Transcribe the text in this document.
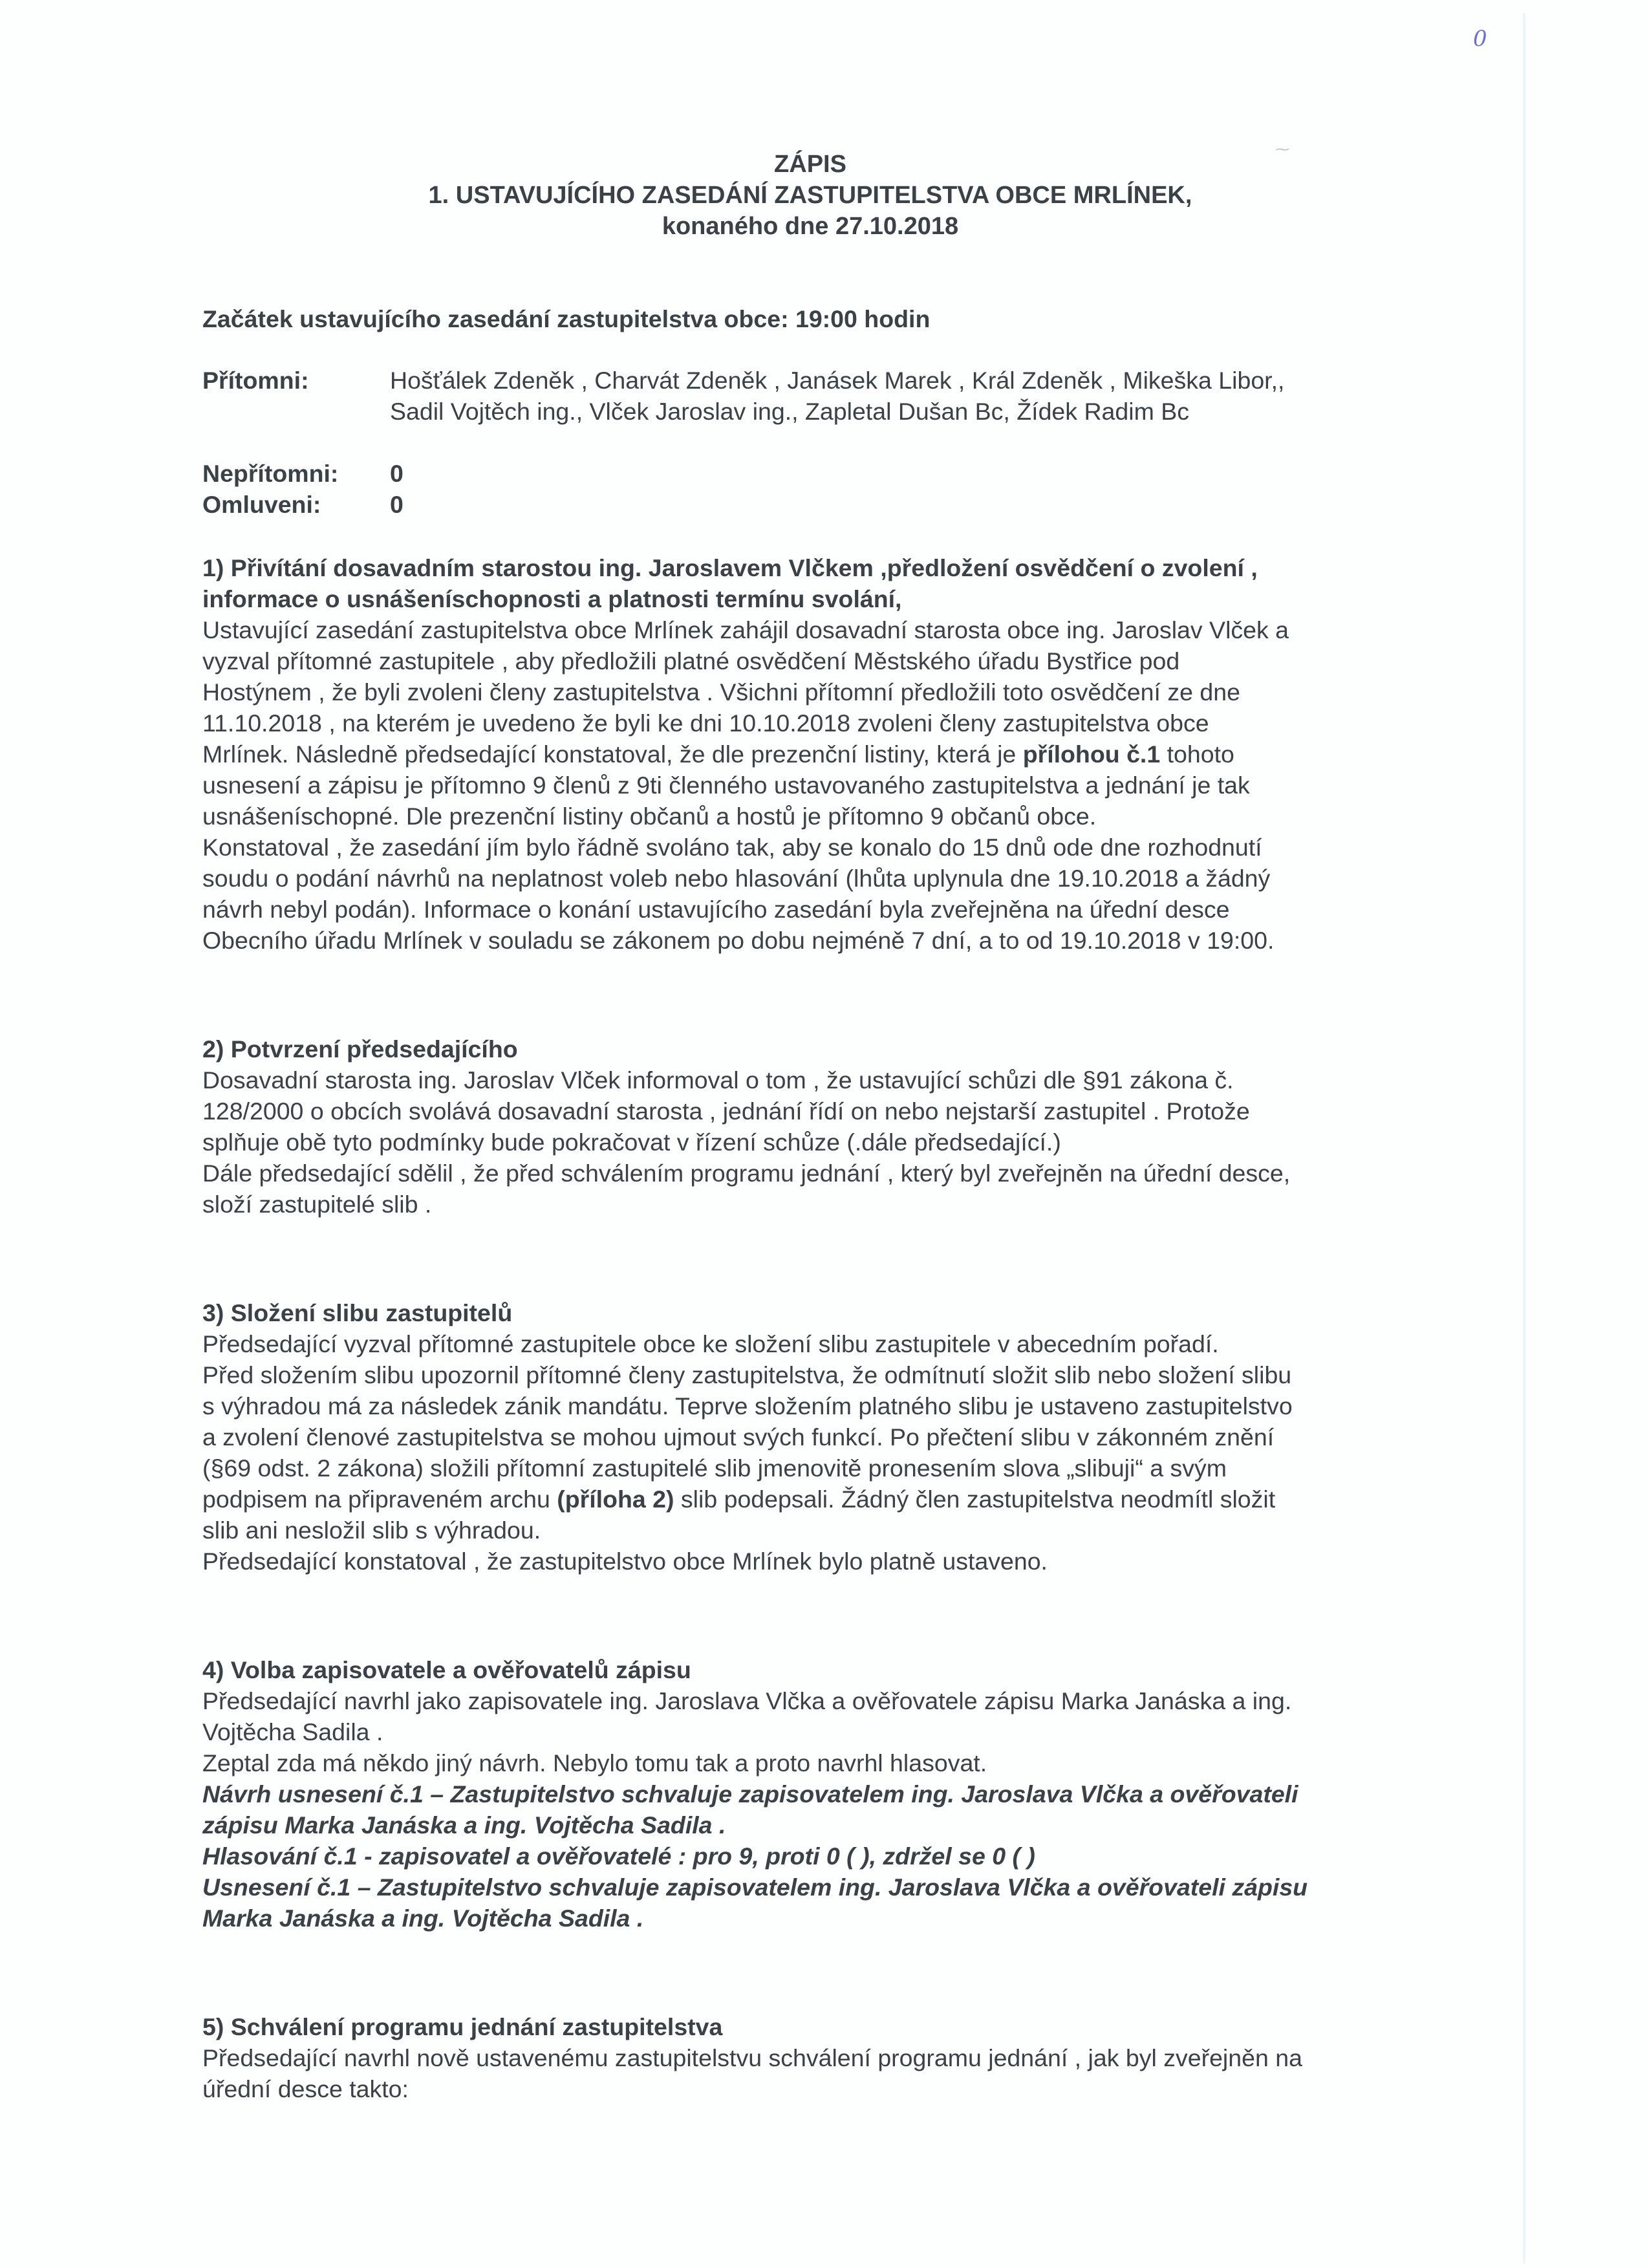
0
⁓
ZÁPIS
1. USTAVUJÍCÍHO ZASEDÁNÍ ZASTUPITELSTVA OBCE MRLÍNEK,
konaného dne 27.10.2018
Začátek ustavujícího zasedání zastupitelstva obce: 19:00 hodin
Přítomni:	Hošťálek Zdeněk , Charvát Zdeněk , Janásek Marek , Král Zdeněk , Mikeška Libor,,
Sadil Vojtěch ing., Vlček Jaroslav ing., Zapletal Dušan Bc, Žídek Radim Bc
Nepřítomni:	0
Omluveni:	0
1) Přivítání dosavadním starostou ing. Jaroslavem Vlčkem ,předložení osvědčení o zvolení ,
informace o usnášeníschopnosti a platnosti termínu svolání,
Ustavující zasedání zastupitelstva obce Mrlínek zahájil dosavadní starosta obce ing. Jaroslav Vlček a
vyzval přítomné zastupitele , aby předložili platné osvědčení Městského úřadu Bystřice pod
Hostýnem , že byli zvoleni členy zastupitelstva . Všichni přítomní předložili toto osvědčení ze dne
11.10.2018 , na kterém je uvedeno že byli ke dni 10.10.2018 zvoleni členy zastupitelstva obce
Mrlínek. Následně předsedající konstatoval, že dle prezenční listiny, která je přílohou č.1 tohoto
usnesení a zápisu je přítomno 9 členů z 9ti členného ustavovaného zastupitelstva a jednání je tak
usnášeníschopné. Dle prezenční listiny občanů a hostů je přítomno 9 občanů obce.
Konstatoval , že zasedání jím bylo řádně svoláno tak, aby se konalo do 15 dnů ode dne rozhodnutí
soudu o podání návrhů na neplatnost voleb nebo hlasování (lhůta uplynula dne 19.10.2018 a žádný
návrh nebyl podán). Informace o konání ustavujícího zasedání byla zveřejněna na úřední desce
Obecního úřadu Mrlínek v souladu se zákonem po dobu nejméně 7 dní, a to od 19.10.2018 v 19:00.
2) Potvrzení předsedajícího
Dosavadní starosta ing. Jaroslav Vlček informoval o tom , že ustavující schůzi dle §91 zákona č.
128/2000 o obcích svolává dosavadní starosta , jednání řídí on nebo nejstarší zastupitel . Protože
splňuje obě tyto podmínky bude pokračovat v řízení schůze (.dále předsedající.)
Dále předsedající sdělil , že před schválením programu jednání , který byl zveřejněn na úřední desce,
složí zastupitelé slib .
3) Složení slibu zastupitelů
Předsedající vyzval přítomné zastupitele obce ke složení slibu zastupitele v abecedním pořadí.
Před složením slibu upozornil přítomné členy zastupitelstva, že odmítnutí složit slib nebo složení slibu
s výhradou má za následek zánik mandátu. Teprve složením platného slibu je ustaveno zastupitelstvo
a zvolení členové zastupitelstva se mohou ujmout svých funkcí. Po přečtení slibu v zákonném znění
(§69 odst. 2 zákona) složili přítomní zastupitelé slib jmenovitě pronesením slova „slibuji“ a svým
podpisem na připraveném archu (příloha 2) slib podepsali. Žádný člen zastupitelstva neodmítl složit
slib ani nesložil slib s výhradou.
Předsedající konstatoval , že zastupitelstvo obce Mrlínek bylo platně ustaveno.
4) Volba zapisovatele a ověřovatelů zápisu
Předsedající navrhl jako zapisovatele ing. Jaroslava Vlčka a ověřovatele zápisu Marka Janáska a ing.
Vojtěcha Sadila .
Zeptal zda má někdo jiný návrh. Nebylo tomu tak a proto navrhl hlasovat.
Návrh usnesení č.1 – Zastupitelstvo schvaluje zapisovatelem ing. Jaroslava Vlčka a ověřovateli
zápisu Marka Janáska a ing. Vojtěcha Sadila .
Hlasování č.1 - zapisovatel a ověřovatelé : pro 9, proti 0 ( ), zdržel se 0 ( )
Usnesení č.1 – Zastupitelstvo schvaluje zapisovatelem ing. Jaroslava Vlčka a ověřovateli zápisu
Marka Janáska a ing. Vojtěcha Sadila .
5) Schválení programu jednání zastupitelstva
Předsedající navrhl nově ustavenému zastupitelstvu schválení programu jednání , jak byl zveřejněn na
úřední desce takto:
